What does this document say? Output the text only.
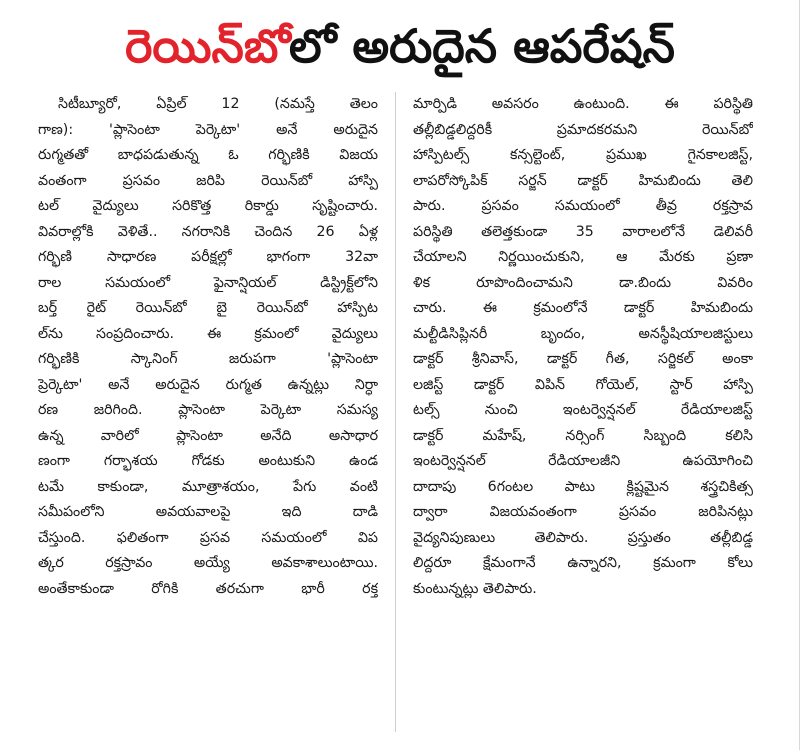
రెయిన్‌బోలో అరుదైన ఆపరేషన్
సిటీబ్యూరో, ఏప్రిల్ 12 (నమస్తే తెలం
గాణ): 'ప్లాసెంటా పెర్కెటా' అనే అరుదైన
రుగ్మతతో బాధపడుతున్న ఓ గర్భిణికి విజయ
వంతంగా ప్రసవం జరిపి రెయిన్‌బో హాస్పి
టల్ వైద్యులు సరికొత్త రికార్డు సృష్టించారు.
వివరాల్లోకి వెళితే.. నగరానికి చెందిన 26 ఏళ్ల
గర్భిణి సాధారణ పరీక్షల్లో భాగంగా 32వా
రాల సమయంలో ఫైనాన్షియల్ డిస్ట్రిక్ట్‌లోని
బర్త్ రైట్ రెయిన్‌బో బై రెయిన్‌బో హాస్పిట
ల్‌ను సంప్రదించారు. ఈ క్రమంలో వైద్యులు
గర్భిణికి స్కానింగ్ జరుపగా 'ప్లాసెంటా
ప్రెర్కెటా' అనే అరుదైన రుగ్మత ఉన్నట్లు నిర్ధా
రణ జరిగింది. ప్లాసెంటా పెర్కెటా సమస్య
ఉన్న వారిలో ప్లాసెంటా అనేది అసాధార
ణంగా గర్భాశయ గోడకు అంటుకుని ఉండ
టమే కాకుండా, మూత్రాశయం, పేగు వంటి
సమీపంలోని అవయవాలపై ఇది దాడి
చేస్తుంది. ఫలితంగా ప్రసవ సమయంలో విప
త్కర రక్తస్రావం అయ్యే అవకాశాలుంటాయి.
అంతేకాకుండా రోగికి తరచుగా భారీ రక్త
మార్పిడి అవసరం ఉంటుంది. ఈ పరిస్థితి
తల్లీబిడ్డలిద్దరికీ ప్రమాదకరమని రెయిన్‌బో
హాస్పిటల్స్ కన్సల్టెంట్, ప్రముఖ గైనకాలజిస్ట్,
లాపరోస్కోపిక్ సర్జన్ డాక్టర్ హిమబిందు తెలి
పారు. ప్రసవం సమయంలో తీవ్ర రక్తస్రావ
పరిస్థితి తలెత్తకుండా 35 వారాలలోనే డెలివరీ
చేయాలని నిర్ణయించుకుని, ఆ మేరకు ప్రణా
ళిక రూపొందించామని డా.బిందు వివరిం
చారు. ఈ క్రమంలోనే డాక్టర్ హిమబిందు
మల్టీడిసిప్లినరీ బృందం, అనస్థీషియాలజిస్టులు
డాక్టర్ శ్రీనివాస్, డాక్టర్ గీత, సర్జికల్ అంకా
లజిస్ట్ డాక్టర్ విపిన్ గోయెల్, స్టార్ హాస్పి
టల్స్ నుంచి ఇంటర్వెన్షనల్ రేడియాలజిస్ట్
డాక్టర్ మహేష్, నర్సింగ్ సిబ్బంది కలిసి
ఇంటర్వెన్షనల్ రేడియాలజీని ఉపయోగించి
దాదాపు 6గంటల పాటు క్లిష్టమైన శస్త్రచికిత్స
ద్వారా విజయవంతంగా ప్రసవం జరిపినట్లు
వైద్యనిపుణులు తెలిపారు. ప్రస్తుతం తల్లీబిడ్డ
లిద్దరూ క్షేమంగానే ఉన్నారని, క్రమంగా కోలు
కుంటున్నట్లు తెలిపారు.
